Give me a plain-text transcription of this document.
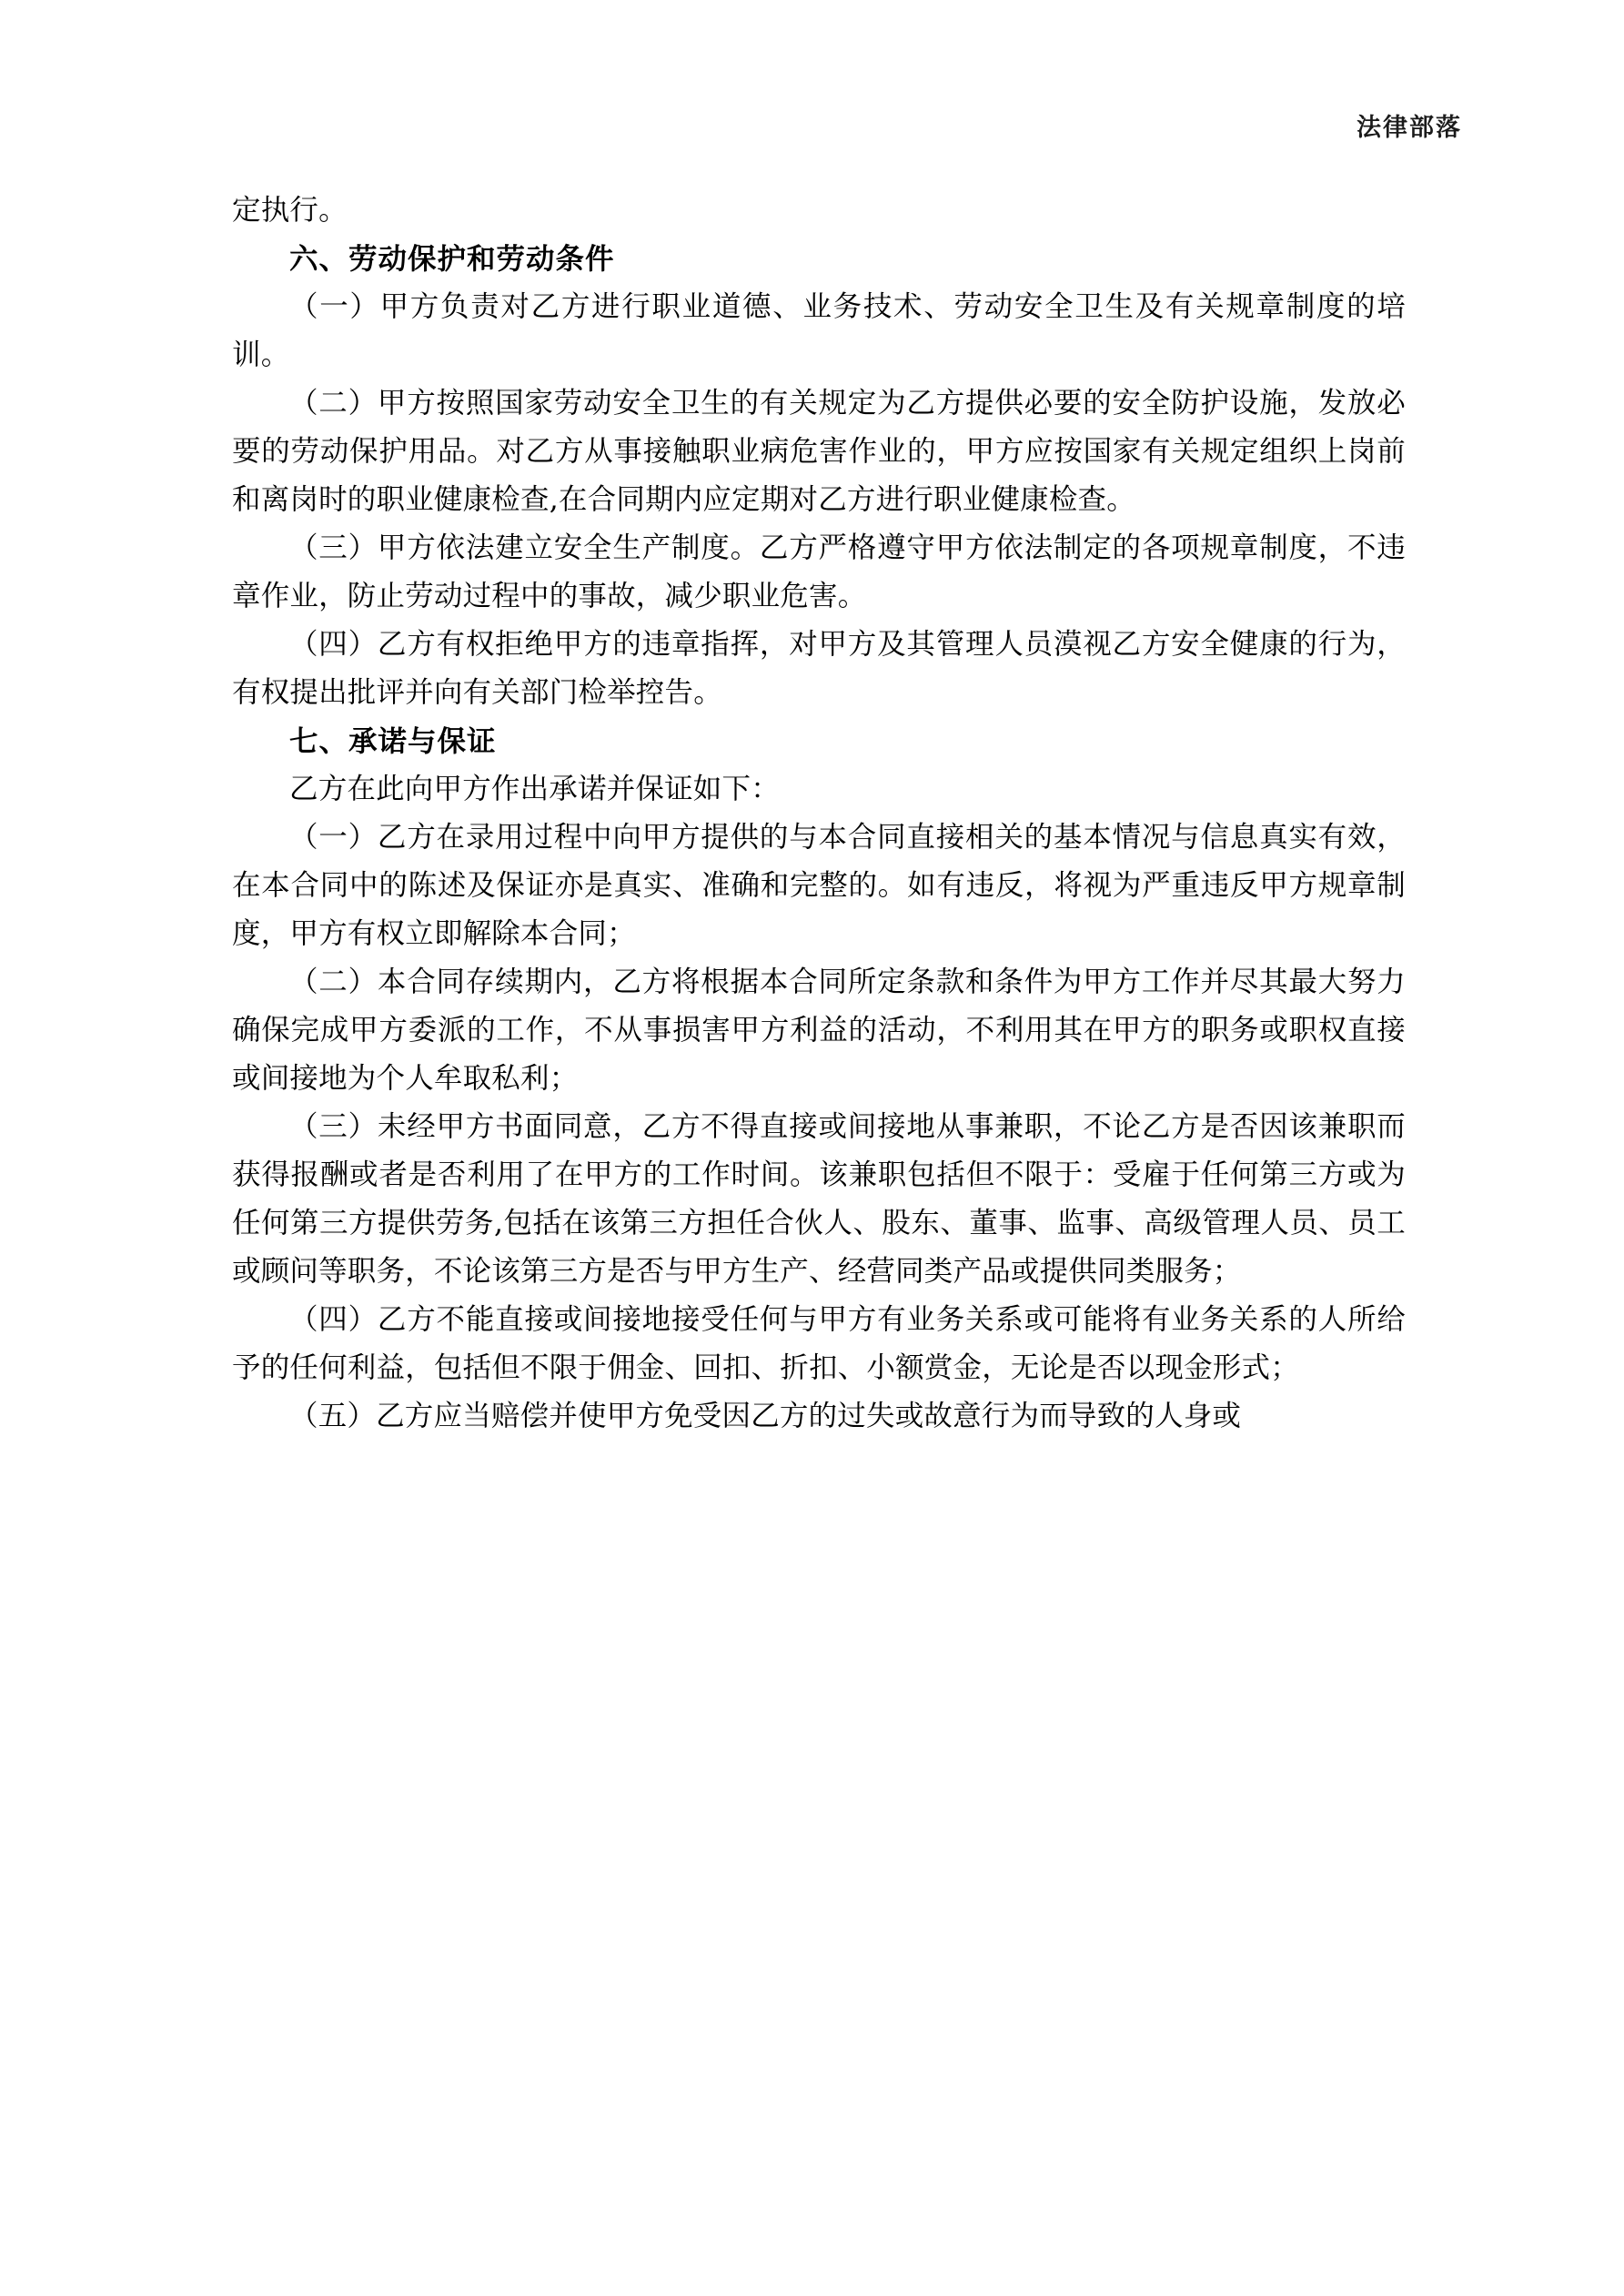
法律部落

定执行。

六、劳动保护和劳动条件

（一）甲方负责对乙方进行职业道德、业务技术、劳动安全卫生及有关规章制度的培训。

（二）甲方按照国家劳动安全卫生的有关规定为乙方提供必要的安全防护设施，发放必要的劳动保护用品。对乙方从事接触职业病危害作业的，甲方应按国家有关规定组织上岗前和离岗时的职业健康检查,在合同期内应定期对乙方进行职业健康检查。

（三）甲方依法建立安全生产制度。乙方严格遵守甲方依法制定的各项规章制度，不违章作业，防止劳动过程中的事故，减少职业危害。

（四）乙方有权拒绝甲方的违章指挥，对甲方及其管理人员漠视乙方安全健康的行为，有权提出批评并向有关部门检举控告。

七、承诺与保证

乙方在此向甲方作出承诺并保证如下：

（一）乙方在录用过程中向甲方提供的与本合同直接相关的基本情况与信息真实有效，在本合同中的陈述及保证亦是真实、准确和完整的。如有违反，将视为严重违反甲方规章制度，甲方有权立即解除本合同；

（二）本合同存续期内，乙方将根据本合同所定条款和条件为甲方工作并尽其最大努力确保完成甲方委派的工作，不从事损害甲方利益的活动，不利用其在甲方的职务或职权直接或间接地为个人牟取私利；

（三）未经甲方书面同意，乙方不得直接或间接地从事兼职，不论乙方是否因该兼职而获得报酬或者是否利用了在甲方的工作时间。该兼职包括但不限于：受雇于任何第三方或为任何第三方提供劳务,包括在该第三方担任合伙人、股东、董事、监事、高级管理人员、员工或顾问等职务，不论该第三方是否与甲方生产、经营同类产品或提供同类服务；

（四）乙方不能直接或间接地接受任何与甲方有业务关系或可能将有业务关系的人所给予的任何利益，包括但不限于佣金、回扣、折扣、小额赏金，无论是否以现金形式；

（五）乙方应当赔偿并使甲方免受因乙方的过失或故意行为而导致的人身或
